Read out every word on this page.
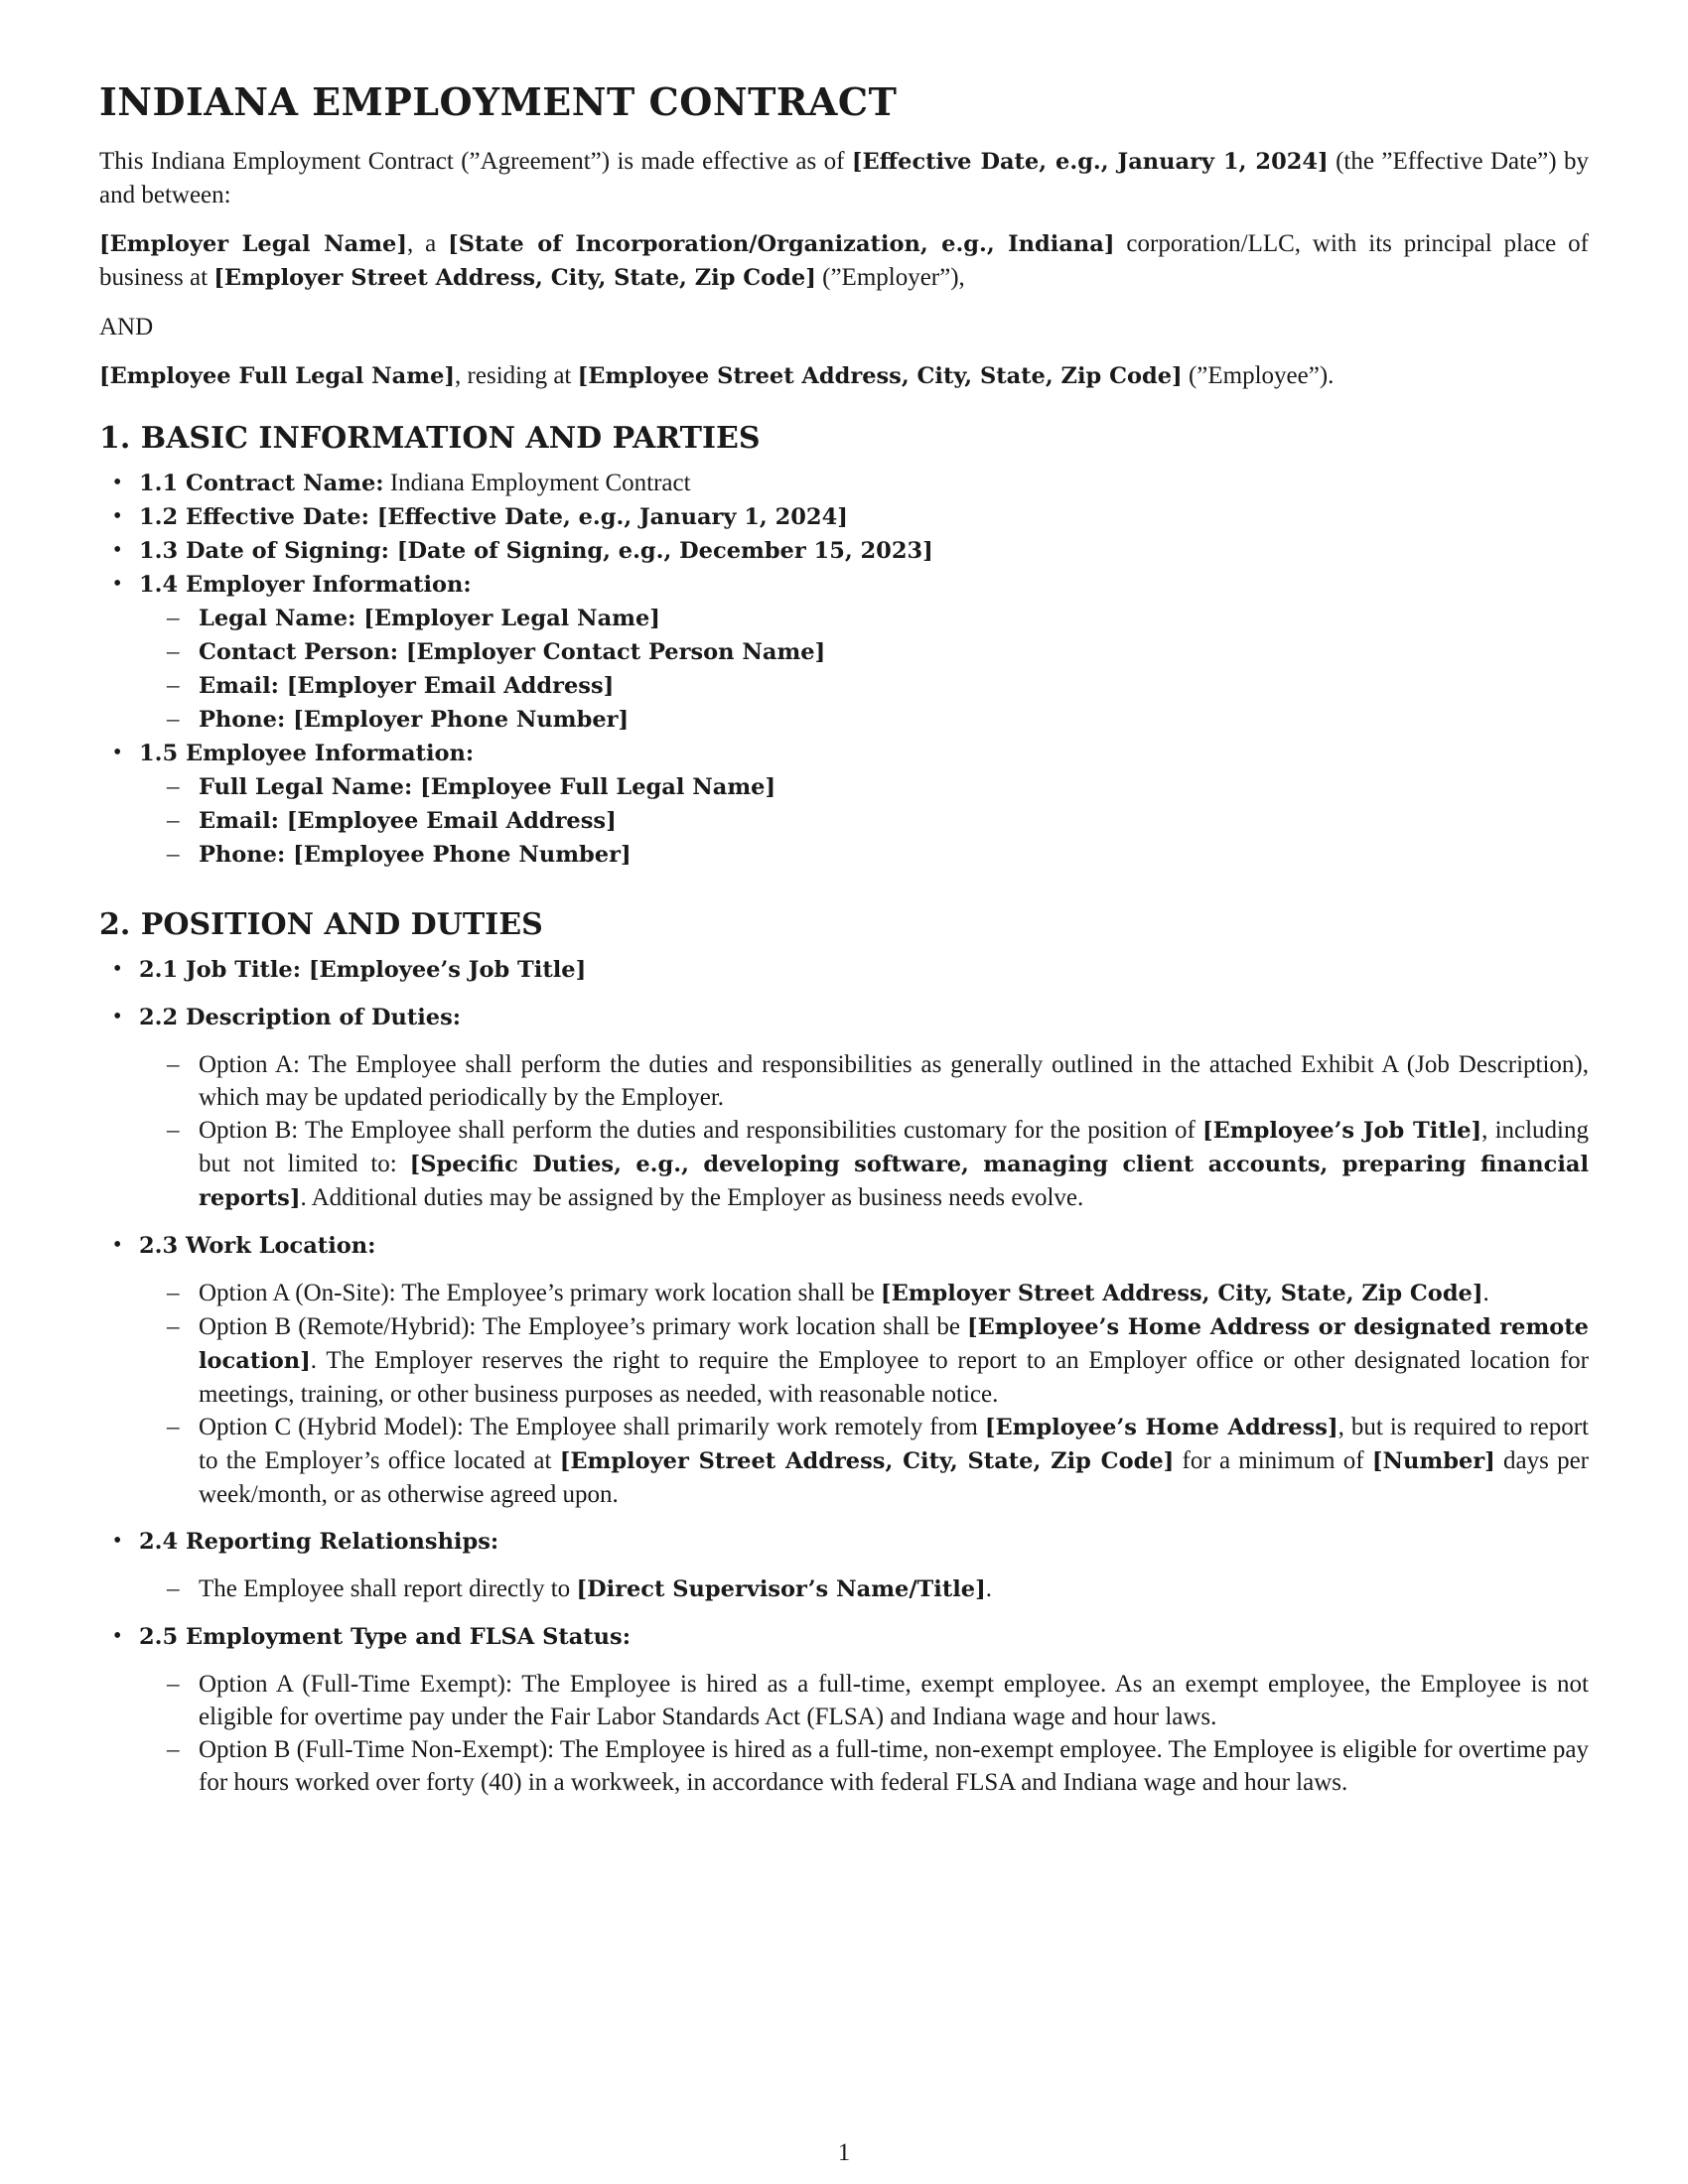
INDIANA EMPLOYMENT CONTRACT

This Indiana Employment Contract (”Agreement”) is made effective as of [Effective Date, e.g., January 1, 2024] (the ”Effective Date”) by and between:

[Employer Legal Name], a [State of Incorporation/Organization, e.g., Indiana] corporation/LLC, with its principal place of business at [Employer Street Address, City, State, Zip Code] (”Employer”),

AND

[Employee Full Legal Name], residing at [Employee Street Address, City, State, Zip Code] (”Employee”).

1. BASIC INFORMATION AND PARTIES
• 1.1 Contract Name: Indiana Employment Contract
• 1.2 Effective Date: [Effective Date, e.g., January 1, 2024]
• 1.3 Date of Signing: [Date of Signing, e.g., December 15, 2023]
• 1.4 Employer Information:
– Legal Name: [Employer Legal Name]
– Contact Person: [Employer Contact Person Name]
– Email: [Employer Email Address]
– Phone: [Employer Phone Number]
• 1.5 Employee Information:
– Full Legal Name: [Employee Full Legal Name]
– Email: [Employee Email Address]
– Phone: [Employee Phone Number]
2. POSITION AND DUTIES
• 2.1 Job Title: [Employee’s Job Title]
• 2.2 Description of Duties:
– Option A: The Employee shall perform the duties and responsibilities as generally outlined in the attached Exhibit A (Job Description), which may be updated periodically by the Employer.
– Option B: The Employee shall perform the duties and responsibilities customary for the position of [Employee’s Job Title], including but not limited to: [Specific Duties, e.g., developing software, managing client accounts, preparing financial reports]. Additional duties may be assigned by the Employer as business needs evolve.
• 2.3 Work Location:
– Option A (On-Site): The Employee’s primary work location shall be [Employer Street Address, City, State, Zip Code].
– Option B (Remote/Hybrid): The Employee’s primary work location shall be [Employee’s Home Address or designated remote location]. The Employer reserves the right to require the Employee to report to an Employer office or other designated location for meetings, training, or other business purposes as needed, with reasonable notice.
– Option C (Hybrid Model): The Employee shall primarily work remotely from [Employee’s Home Address], but is required to report to the Employer’s office located at [Employer Street Address, City, State, Zip Code] for a minimum of [Number] days per week/month, or as otherwise agreed upon.
• 2.4 Reporting Relationships:
– The Employee shall report directly to [Direct Supervisor’s Name/Title].
• 2.5 Employment Type and FLSA Status:
– Option A (Full-Time Exempt): The Employee is hired as a full-time, exempt employee. As an exempt employee, the Employee is not eligible for overtime pay under the Fair Labor Standards Act (FLSA) and Indiana wage and hour laws.
– Option B (Full-Time Non-Exempt): The Employee is hired as a full-time, non-exempt employee. The Employee is eligible for overtime pay for hours worked over forty (40) in a workweek, in accordance with federal FLSA and Indiana wage and hour laws.
1
